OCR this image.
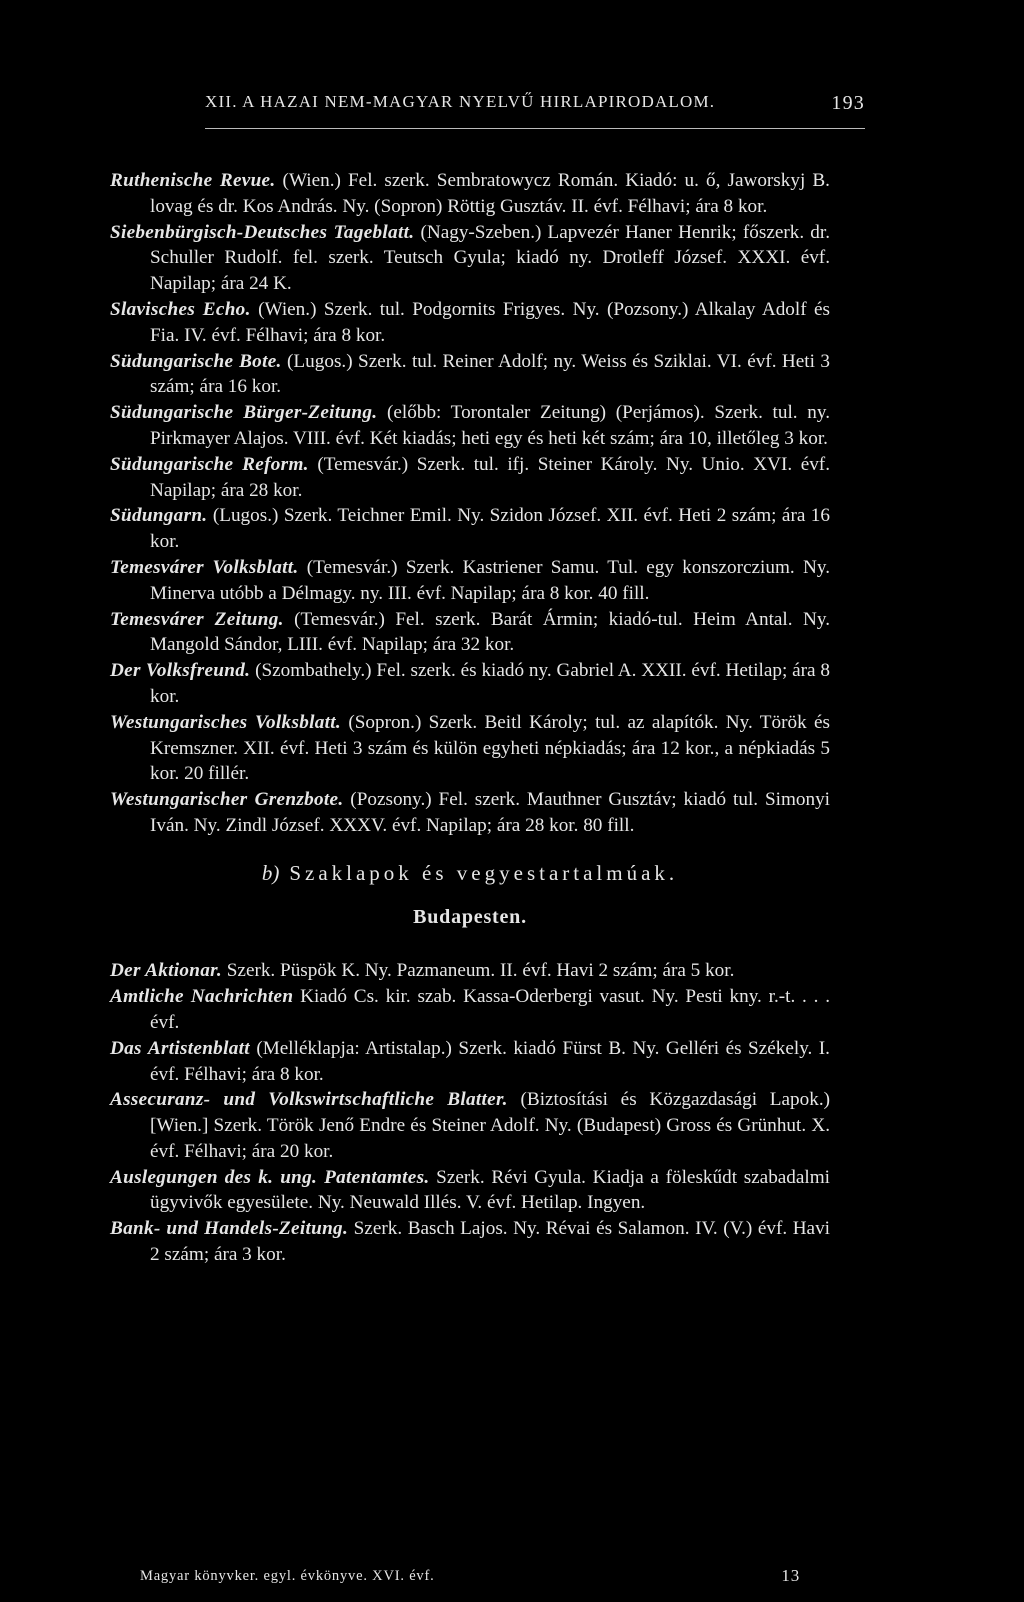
XII. A HAZAI NEM-MAGYAR NYELVŰ HIRLAPIRODALOM.	193

Ruthenische Revue. (Wien.) Fel. szerk. Sembratowycz Román. Kiadó: u. ő, Jaworskyj B. lovag és dr. Kos András. Ny. (Sopron) Röttig Gusztáv. II. évf. Félhavi; ára 8 kor.

Siebenbürgisch-Deutsches Tageblatt. (Nagy-Szeben.) Lapvezér Haner Henrik; főszerk. dr. Schuller Rudolf. fel. szerk. Teutsch Gyula; kiadó ny. Drotleff József. XXXI. évf. Napilap; ára 24 K.

Slavisches Echo. (Wien.) Szerk. tul. Podgornits Frigyes. Ny. (Pozsony.) Alkalay Adolf és Fia. IV. évf. Félhavi; ára 8 kor.

Südungarische Bote. (Lugos.) Szerk. tul. Reiner Adolf; ny. Weiss és Sziklai. VI. évf. Heti 3 szám; ára 16 kor.

Südungarische Bürger-Zeitung. (előbb: Torontaler Zeitung) (Perjámos). Szerk. tul. ny. Pirkmayer Alajos. VIII. évf. Két kiadás; heti egy és heti két szám; ára 10, illetőleg 3 kor.

Südungarische Reform. (Temesvár.) Szerk. tul. ifj. Steiner Károly. Ny. Unio. XVI. évf. Napilap; ára 28 kor.

Südungarn. (Lugos.) Szerk. Teichner Emil. Ny. Szidon József. XII. évf. Heti 2 szám; ára 16 kor.

Temesvárer Volksblatt. (Temesvár.) Szerk. Kastriener Samu. Tul. egy konszorczium. Ny. Minerva utóbb a Délmagy. ny. III. évf. Napilap; ára 8 kor. 40 fill.

Temesvárer Zeitung. (Temesvár.) Fel. szerk. Barát Ármin; kiadó-tul. Heim Antal. Ny. Mangold Sándor, LIII. évf. Napilap; ára 32 kor.

Der Volksfreund. (Szombathely.) Fel. szerk. és kiadó ny. Gabriel A. XXII. évf. Hetilap; ára 8 kor.

Westungarisches Volksblatt. (Sopron.) Szerk. Beitl Károly; tul. az alapítók. Ny. Török és Kremszner. XII. évf. Heti 3 szám és külön egyheti népkiadás; ára 12 kor., a népkiadás 5 kor. 20 fillér.

Westungarischer Grenzbote. (Pozsony.) Fel. szerk. Mauthner Gusztáv; kiadó tul. Simonyi Iván. Ny. Zindl József. XXXV. évf. Napilap; ára 28 kor. 80 fill.

b) Szaklapok és vegyestartalmúak.
Budapesten.

Der Aktionar. Szerk. Püspök K. Ny. Pazmaneum. II. évf. Havi 2 szám; ára 5 kor.

Amtliche Nachrichten Kiadó Cs. kir. szab. Kassa-Oderbergi vasut. Ny. Pesti kny. r.-t. . . . évf.

Das Artistenblatt (Melléklapja: Artistalap.) Szerk. kiadó Fürst B. Ny. Gelléri és Székely. I. évf. Félhavi; ára 8 kor.

Assecuranz- und Volkswirtschaftliche Blatter. (Biztosítási és Közgazdasági Lapok.) [Wien.] Szerk. Török Jenő Endre és Steiner Adolf. Ny. (Budapest) Gross és Grünhut. X. évf. Félhavi; ára 20 kor.

Auslegungen des k. ung. Patentamtes. Szerk. Révi Gyula. Kiadja a föleskűdt szabadalmi ügyvivők egyesülete. Ny. Neuwald Illés. V. évf. Hetilap. Ingyen.

Bank- und Handels-Zeitung. Szerk. Basch Lajos. Ny. Révai és Salamon. IV. (V.) évf. Havi 2 szám; ára 3 kor.

Magyar könyvker. egyl. évkönyve. XVI. évf.	13
